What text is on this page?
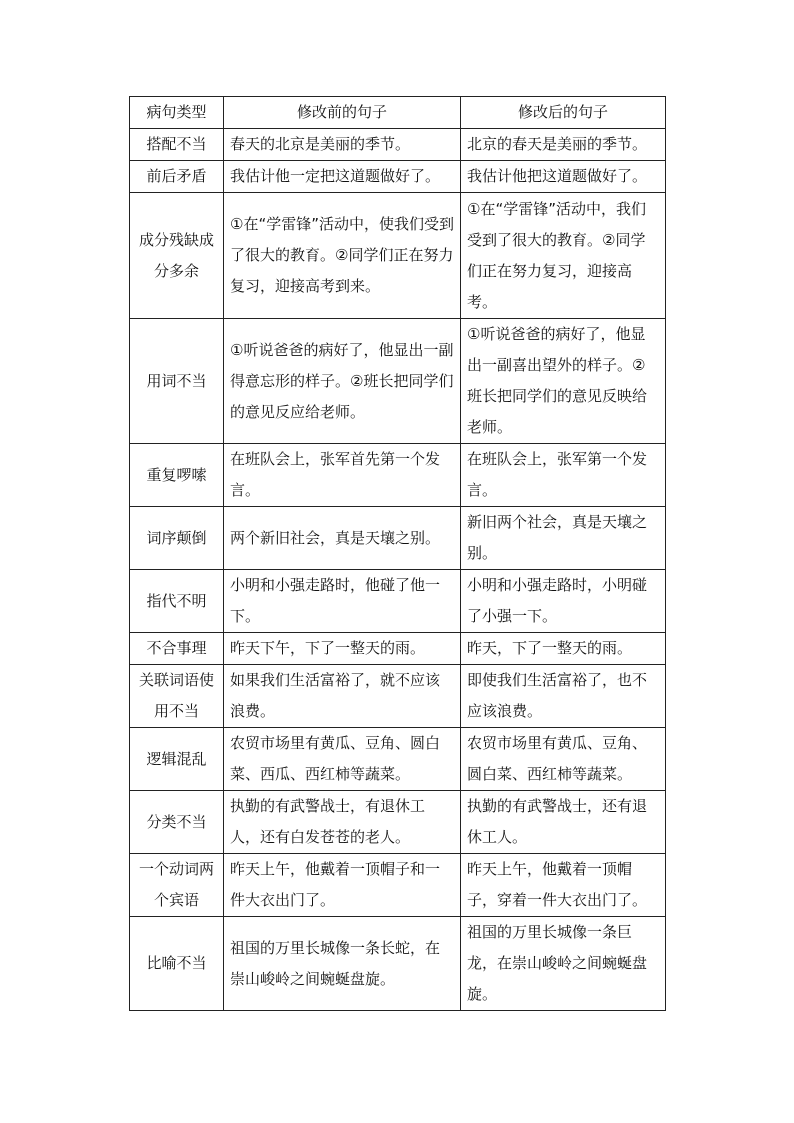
病句类型	修改前的句子	修改后的句子
搭配不当	春天的北京是美丽的季节。	北京的春天是美丽的季节。
前后矛盾	我估计他一定把这道题做好了。	我估计他把这道题做好了。
成分残缺成分多余	①在“学雷锋”活动中，使我们受到了很大的教育。②同学们正在努力复习，迎接高考到来。	①在“学雷锋”活动中，我们受到了很大的教育。②同学们正在努力复习，迎接高考。
用词不当	①听说爸爸的病好了，他显出一副得意忘形的样子。②班长把同学们的意见反应给老师。	①听说爸爸的病好了，他显出一副喜出望外的样子。②班长把同学们的意见反映给老师。
重复啰嗦	在班队会上，张军首先第一个发言。	在班队会上，张军第一个发言。
词序颠倒	两个新旧社会，真是天壤之别。	新旧两个社会，真是天壤之别。
指代不明	小明和小强走路时，他碰了他一下。	小明和小强走路时，小明碰了小强一下。
不合事理	昨天下午，下了一整天的雨。	昨天，下了一整天的雨。
关联词语使用不当	如果我们生活富裕了，就不应该浪费。	即使我们生活富裕了，也不应该浪费。
逻辑混乱	农贸市场里有黄瓜、豆角、圆白菜、西瓜、西红柿等蔬菜。	农贸市场里有黄瓜、豆角、圆白菜、西红柿等蔬菜。
分类不当	执勤的有武警战士，有退休工人，还有白发苍苍的老人。	执勤的有武警战士，还有退休工人。
一个动词两个宾语	昨天上午，他戴着一顶帽子和一件大衣出门了。	昨天上午，他戴着一顶帽子，穿着一件大衣出门了。
比喻不当	祖国的万里长城像一条长蛇，在崇山峻岭之间蜿蜒盘旋。	祖国的万里长城像一条巨龙，在崇山峻岭之间蜿蜒盘旋。
